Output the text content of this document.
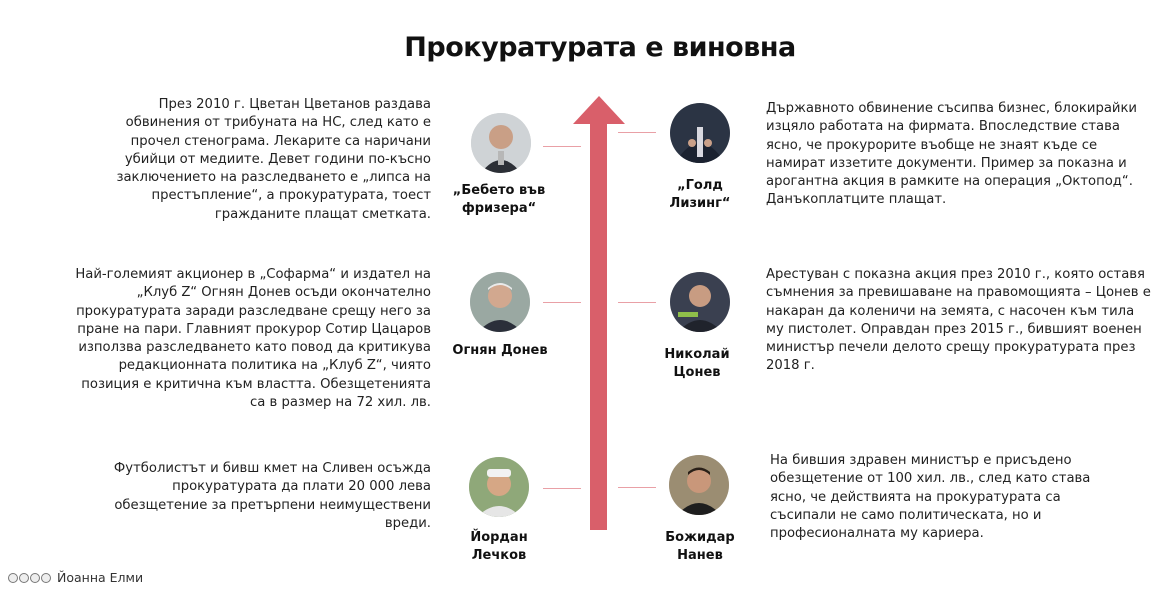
Прокуратурата е виновна
През 2010 г. Цветан Цветанов раздава обвинения от трибуната на НС, след като е прочел стенограма. Лекарите са наричани убийци от медиите. Девет години по-късно заключението на разследването е „липса на престъпление“, а прокуратурата, тоест гражданите плащат сметката.
„Бебето във фризера“
Най-големият акционер в „Софарма“ и издател на „Клуб Z“ Огнян Донев осъди окончателно прокуратурата заради разследване срещу него за пране на пари. Главният прокурор Сотир Цацаров използва разследването като повод да критикува редакционната политика на „Клуб Z“, чиято позиция е критична към властта. Обезщетенията са в размер на 72 хил. лв.
Огнян Донев
Футболистът и бивш кмет на Сливен осъжда прокуратурата да плати 20 000 лева обезщетение за претърпени неимуществени вреди.
Йордан Лечков
„Голд Лизинг“
Държавното обвинение съсипва бизнес, блокирайки изцяло работата на фирмата. Впоследствие става ясно, че прокурорите въобще не знаят къде се намират иззетите документи. Пример за показна и арогантна акция в рамките на операция „Октопод“. Данъкоплатците плащат.
Николай Цонев
Арестуван с показна акция през 2010 г., която оставя съмнения за превишаване на правомощията – Цонев е накаран да коленичи на земята, с насочен към тила му пистолет. Оправдан през 2015 г., бившият военен министър печели делото срещу прокуратурата през 2018 г.
Божидар Нанев
На бившия здравен министър е присъдено обезщетение от 100 хил. лв., след като става ясно, че действията на прокуратурата са съсипали не само политическата, но и професионалната му кариера.
Йоанна Елми
